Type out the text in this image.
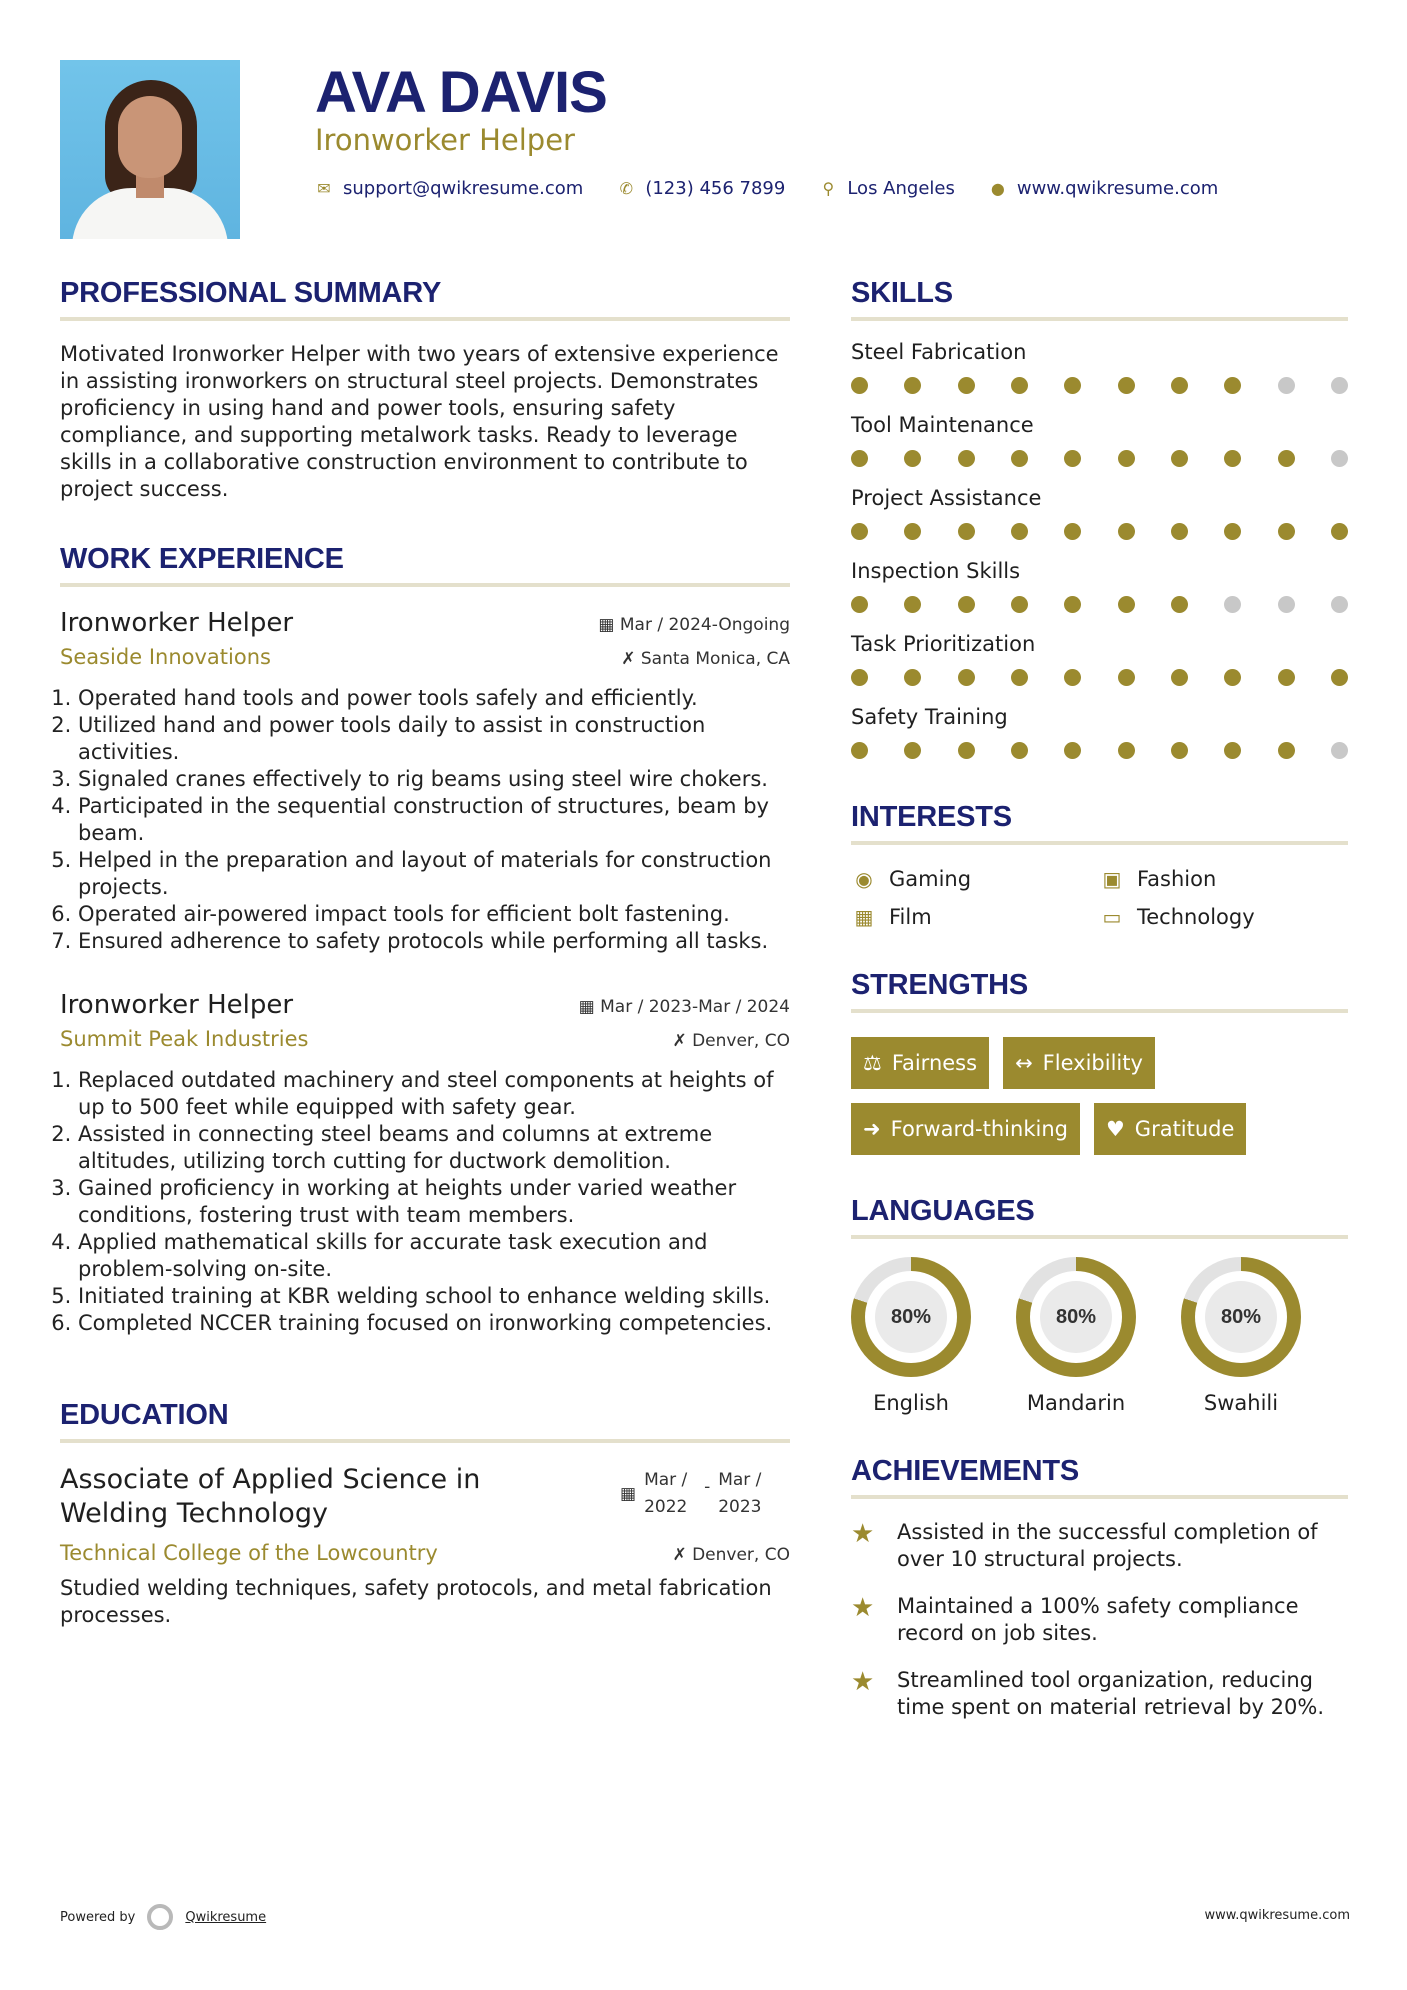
AVA DAVIS
Ironworker Helper
✉ support@qwikresume.com ✆ (123) 456 7899 ⚲ Los Angeles ● www.qwikresume.com
PROFESSIONAL SUMMARY

Motivated Ironworker Helper with two years of extensive experience in assisting ironworkers on structural steel projects. Demonstrates proficiency in using hand and power tools, ensuring safety compliance, and supporting metalwork tasks. Ready to leverage skills in a collaborative construction environment to contribute to project success.

WORK EXPERIENCE
Ironworker Helper	▦ Mar / 2024-Ongoing
Seaside Innovations	✗ Santa Monica, CA
1. Operated hand tools and power tools safely and efficiently.
2. Utilized hand and power tools daily to assist in construction activities.
3. Signaled cranes effectively to rig beams using steel wire chokers.
4. Participated in the sequential construction of structures, beam by beam.
5. Helped in the preparation and layout of materials for construction projects.
6. Operated air-powered impact tools for efficient bolt fastening.
7. Ensured adherence to safety protocols while performing all tasks.
Ironworker Helper	▦ Mar / 2023-Mar / 2024
Summit Peak Industries	✗ Denver, CO
1. Replaced outdated machinery and steel components at heights of up to 500 feet while equipped with safety gear.
2. Assisted in connecting steel beams and columns at extreme altitudes, utilizing torch cutting for ductwork demolition.
3. Gained proficiency in working at heights under varied weather conditions, fostering trust with team members.
4. Applied mathematical skills for accurate task execution and problem-solving on-site.
5. Initiated training at KBR welding school to enhance welding skills.
6. Completed NCCER training focused on ironworking competencies.
EDUCATION
Associate of Applied Science in Welding Technology
▦
Mar / 2022
- Mar / 2023
Technical College of the Lowcountry	✗ Denver, CO

Studied welding techniques, safety protocols, and metal fabrication processes.

SKILLS
Steel Fabrication
Tool Maintenance
Project Assistance
Inspection Skills
Task Prioritization
Safety Training
INTERESTS
◉ Gaming	▣ Fashion
▦ Film	▭ Technology
STRENGTHS
⚖ Fairness ↔ Flexibility
➜ Forward-thinking ♥ Gratitude
LANGUAGES
80%
English
80%
Mandarin
80%
Swahili
ACHIEVEMENTS
★	Assisted in the successful completion of over 10 structural projects.
★	Maintained a 100% safety compliance record on job sites.
★	Streamlined tool organization, reducing time spent on material retrieval by 20%.
Powered by	Qwikresume	www.qwikresume.com
